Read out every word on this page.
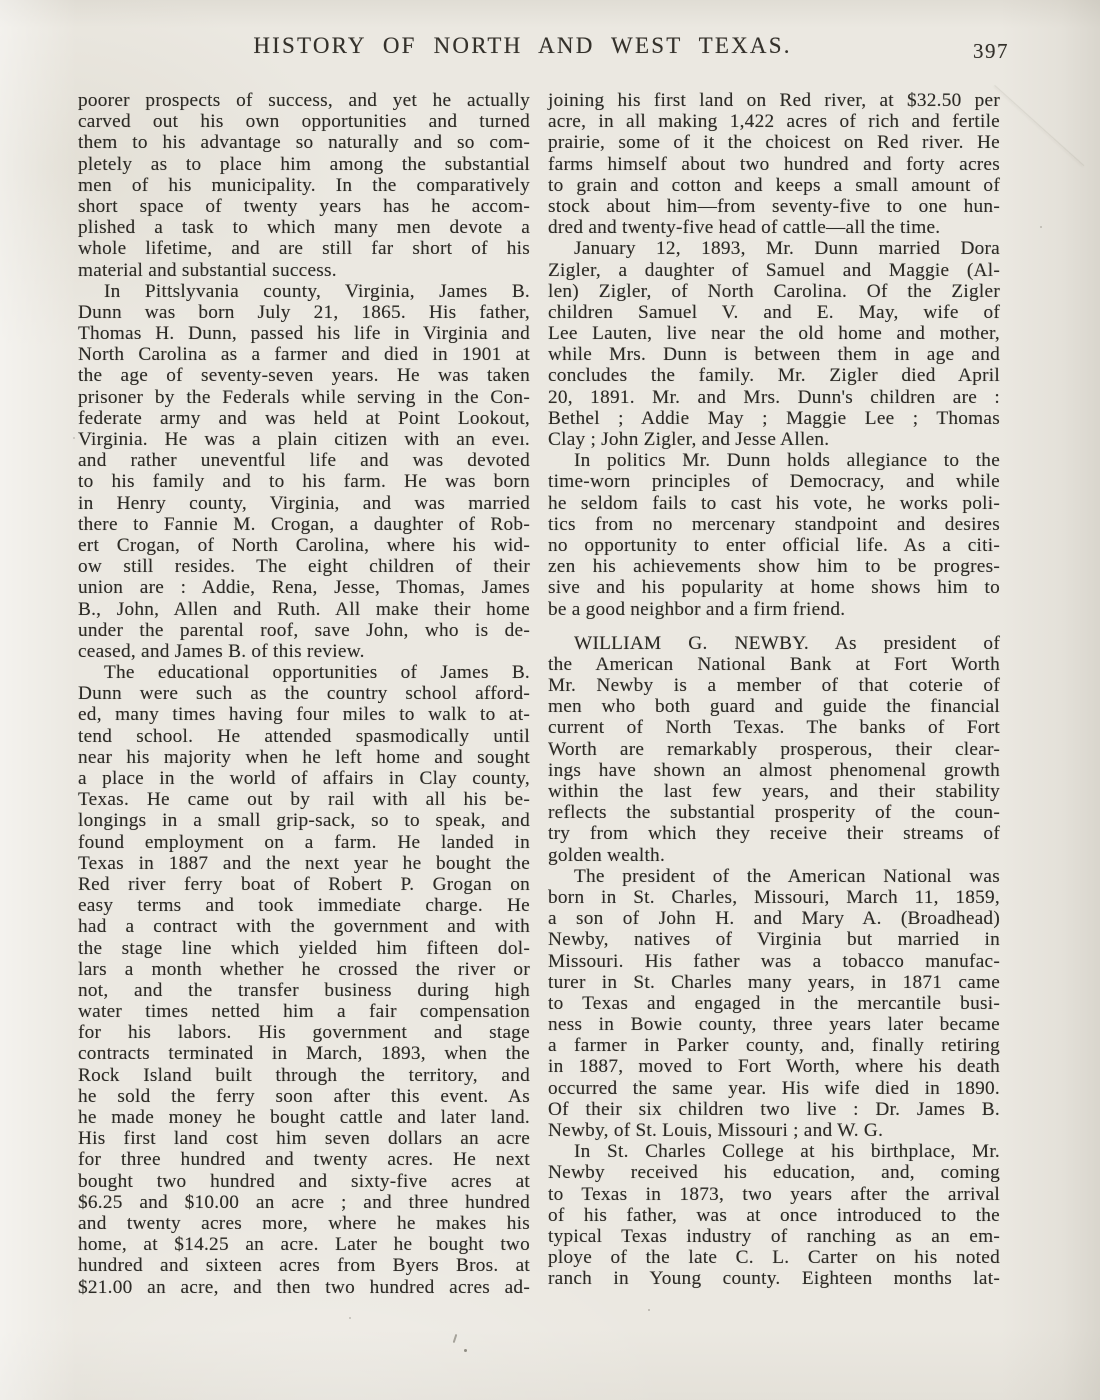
HISTORY OF NORTH AND WEST TEXAS.	397
poorer prospects of success, and yet he actually
carved out his own opportunities and turned
them to his advantage so naturally and so com-
pletely as to place him among the substantial
men of his municipality. In the comparatively
short space of twenty years has he accom-
plished a task to which many men devote a
whole lifetime, and are still far short of his
material and substantial success.
In Pittslyvania county, Virginia, James B.
Dunn was born July 21, 1865. His father,
Thomas H. Dunn, passed his life in Virginia and
North Carolina as a farmer and died in 1901 at
the age of seventy-seven years. He was taken
prisoner by the Federals while serving in the Con-
federate army and was held at Point Lookout,
Virginia. He was a plain citizen with an eveı.
and rather uneventful life and was devoted
to his family and to his farm. He was born
in Henry county, Virginia, and was married
there to Fannie M. Crogan, a daughter of Rob-
ert Crogan, of North Carolina, where his wid-
ow still resides. The eight children of their
union are : Addie, Rena, Jesse, Thomas, James
B., John, Allen and Ruth. All make their home
under the parental roof, save John, who is de-
ceased, and James B. of this review.
The educational opportunities of James B.
Dunn were such as the country school afford-
ed, many times having four miles to walk to at-
tend school. He attended spasmodically until
near his majority when he left home and sought
a place in the world of affairs in Clay county,
Texas. He came out by rail with all his be-
longings in a small grip-sack, so to speak, and
found employment on a farm. He landed in
Texas in 1887 and the next year he bought the
Red river ferry boat of Robert P. Grogan on
easy terms and took immediate charge. He
had a contract with the government and with
the stage line which yielded him fifteen dol-
lars a month whether he crossed the river or
not, and the transfer business during high
water times netted him a fair compensation
for his labors. His government and stage
contracts terminated in March, 1893, when the
Rock Island built through the territory, and
he sold the ferry soon after this event. As
he made money he bought cattle and later land.
His first land cost him seven dollars an acre
for three hundred and twenty acres. He next
bought two hundred and sixty-five acres at
$6.25 and $10.00 an acre ; and three hundred
and twenty acres more, where he makes his
home, at $14.25 an acre. Later he bought two
hundred and sixteen acres from Byers Bros. at
$21.00 an acre, and then two hundred acres ad-
joining his first land on Red river, at $32.50 per
acre, in all making 1,422 acres of rich and fertile
prairie, some of it the choicest on Red river. He
farms himself about two hundred and forty acres
to grain and cotton and keeps a small amount of
stock about him—from seventy-five to one hun-
dred and twenty-five head of cattle—all the time.
January 12, 1893, Mr. Dunn married Dora
Zigler, a daughter of Samuel and Maggie (Al-
len) Zigler, of North Carolina. Of the Zigler
children Samuel V. and E. May, wife of
Lee Lauten, live near the old home and mother,
while Mrs. Dunn is between them in age and
concludes the family. Mr. Zigler died April
20, 1891. Mr. and Mrs. Dunn's children are :
Bethel ; Addie May ; Maggie Lee ; Thomas
Clay ; John Zigler, and Jesse Allen.
In politics Mr. Dunn holds allegiance to the
time-worn principles of Democracy, and while
he seldom fails to cast his vote, he works poli-
tics from no mercenary standpoint and desires
no opportunity to enter official life. As a citi-
zen his achievements show him to be progres-
sive and his popularity at home shows him to
be a good neighbor and a firm friend.
WILLIAM G. NEWBY. As president of
the American National Bank at Fort Worth
Mr. Newby is a member of that coterie of
men who both guard and guide the financial
current of North Texas. The banks of Fort
Worth are remarkably prosperous, their clear-
ings have shown an almost phenomenal growth
within the last few years, and their stability
reflects the substantial prosperity of the coun-
try from which they receive their streams of
golden wealth.
The president of the American National was
born in St. Charles, Missouri, March 11, 1859,
a son of John H. and Mary A. (Broadhead)
Newby, natives of Virginia but married in
Missouri. His father was a tobacco manufac-
turer in St. Charles many years, in 1871 came
to Texas and engaged in the mercantile busi-
ness in Bowie county, three years later became
a farmer in Parker county, and, finally retiring
in 1887, moved to Fort Worth, where his death
occurred the same year. His wife died in 1890.
Of their six children two live : Dr. James B.
Newby, of St. Louis, Missouri ; and W. G.
In St. Charles College at his birthplace, Mr.
Newby received his education, and, coming
to Texas in 1873, two years after the arrival
of his father, was at once introduced to the
typical Texas industry of ranching as an em-
ploye of the late C. L. Carter on his noted
ranch in Young county. Eighteen months lat-
